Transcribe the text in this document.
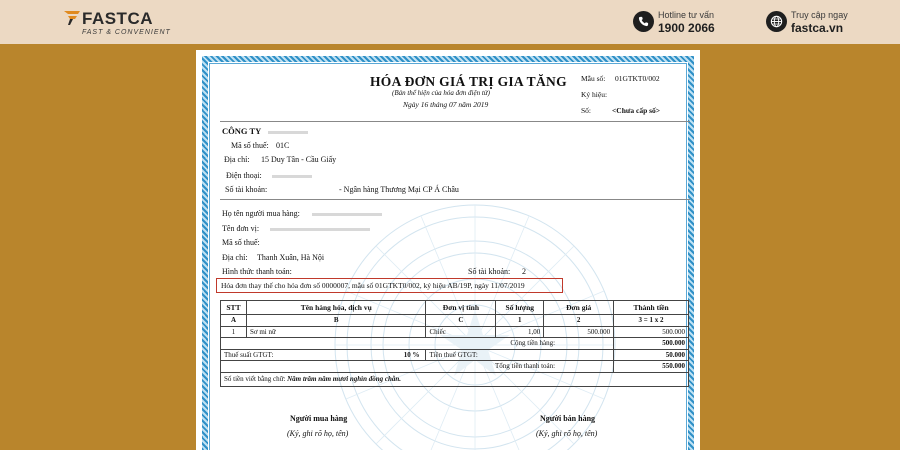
FASTCA
FAST & CONVENIENT
Hotline tư vấn
1900 2066
Truy cập ngay
fastca.vn
HÓA ĐƠN GIÁ TRỊ GIA TĂNG
(Bản thể hiện của hóa đơn điện tử)
Ngày 16 tháng 07 năm 2019
Mẫu số: 01GTKT0/002
Ký hiệu:
Số:	<Chưa cấp số>
CÔNG TY
Mã số thuế: 01C
Địa chỉ: 15 Duy Tân - Cầu Giấy
Điện thoại:
Số tài khoản:	- Ngân hàng Thương Mại CP Á Châu
Họ tên người mua hàng:
Tên đơn vị:
Mã số thuế:
Địa chỉ: Thanh Xuân, Hà Nội
Hình thức thanh toán:	Số tài khoản: 2
Hóa đơn thay thế cho hóa đơn số 0000007, mẫu số 01GTKT0/002, ký hiệu AB/19P, ngày 11/07/2019
STT	Tên hàng hóa, dịch vụ	Đơn vị tính	Số lượng	Đơn giá	Thành tiền
A	B	C	1	2	3 = 1 x 2
1	Sơ mi nữ	Chiếc	1,00	500.000	500.000
Cộng tiền hàng:					500.000
Thuế suất GTGT: 10 %		Tiền thuế GTGT:			50.000
Tổng tiền thanh toán:					550.000
Số tiền viết bằng chữ: Năm trăm năm mươi nghìn đồng chẵn.					
Người mua hàng
(Ký, ghi rõ họ, tên)
Người bán hàng
(Ký, ghi rõ họ, tên)
